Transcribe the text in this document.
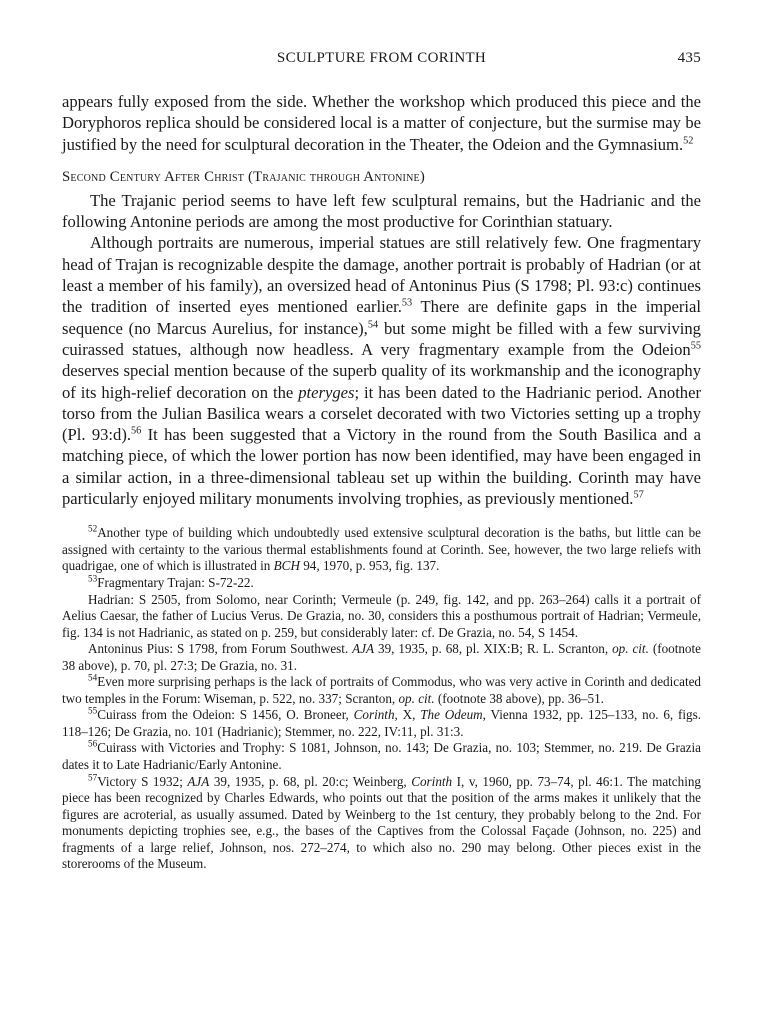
SCULPTURE FROM CORINTH	435

appears fully exposed from the side. Whether the workshop which produced this piece and the Doryphoros replica should be considered local is a matter of conjecture, but the surmise may be justified by the need for sculptural decoration in the Theater, the Odeion and the Gymnasium.$^{52}$

Second Century After Christ (Trajanic through Antonine)

The Trajanic period seems to have left few sculptural remains, but the Hadrianic and the following Antonine periods are among the most productive for Corinthian statuary.

Although portraits are numerous, imperial statues are still relatively few. One fragmentary head of Trajan is recognizable despite the damage, another portrait is probably of Hadrian (or at least a member of his family), an oversized head of Antoninus Pius (S 1798; Pl. 93:c) continues the tradition of inserted eyes mentioned earlier.$^{53}$ There are definite gaps in the imperial sequence (no Marcus Aurelius, for instance),$^{54}$ but some might be filled with a few surviving cuirassed statues, although now headless. A very fragmentary example from the Odeion$^{55}$ deserves special mention because of the superb quality of its workmanship and the iconography of its high-relief decoration on the pteryges; it has been dated to the Hadrianic period. Another torso from the Julian Basilica wears a corselet decorated with two Victories setting up a trophy (Pl. 93:d).$^{56}$ It has been suggested that a Victory in the round from the South Basilica and a matching piece, of which the lower portion has now been identified, may have been engaged in a similar action, in a three-dimensional tableau set up within the building. Corinth may have particularly enjoyed military monuments involving trophies, as previously mentioned.$^{57}$

$^{52}$Another type of building which undoubtedly used extensive sculptural decoration is the baths, but little can be assigned with certainty to the various thermal establishments found at Corinth. See, however, the two large reliefs with quadrigae, one of which is illustrated in BCH 94, 1970, p. 953, fig. 137.

$^{53}$Fragmentary Trajan: S-72-22.

Hadrian: S 2505, from Solomo, near Corinth; Vermeule (p. 249, fig. 142, and pp. 263–264) calls it a portrait of Aelius Caesar, the father of Lucius Verus. De Grazia, no. 30, considers this a posthumous portrait of Hadrian; Vermeule, fig. 134 is not Hadrianic, as stated on p. 259, but considerably later: cf. De Grazia, no. 54, S 1454.

Antoninus Pius: S 1798, from Forum Southwest. AJA 39, 1935, p. 68, pl. XIX:B; R. L. Scranton, op. cit. (footnote 38 above), p. 70, pl. 27:3; De Grazia, no. 31.

$^{54}$Even more surprising perhaps is the lack of portraits of Commodus, who was very active in Corinth and dedicated two temples in the Forum: Wiseman, p. 522, no. 337; Scranton, op. cit. (footnote 38 above), pp. 36–51.

$^{55}$Cuirass from the Odeion: S 1456, O. Broneer, Corinth, X, The Odeum, Vienna 1932, pp. 125–133, no. 6, figs. 118–126; De Grazia, no. 101 (Hadrianic); Stemmer, no. 222, IV:11, pl. 31:3.

$^{56}$Cuirass with Victories and Trophy: S 1081, Johnson, no. 143; De Grazia, no. 103; Stemmer, no. 219. De Grazia dates it to Late Hadrianic/Early Antonine.

$^{57}$Victory S 1932; AJA 39, 1935, p. 68, pl. 20:c; Weinberg, Corinth I, v, 1960, pp. 73–74, pl. 46:1. The matching piece has been recognized by Charles Edwards, who points out that the position of the arms makes it unlikely that the figures are acroterial, as usually assumed. Dated by Weinberg to the 1st century, they probably belong to the 2nd. For monuments depicting trophies see, e.g., the bases of the Captives from the Colossal Façade (Johnson, no. 225) and fragments of a large relief, Johnson, nos. 272–274, to which also no. 290 may belong. Other pieces exist in the storerooms of the Museum.
